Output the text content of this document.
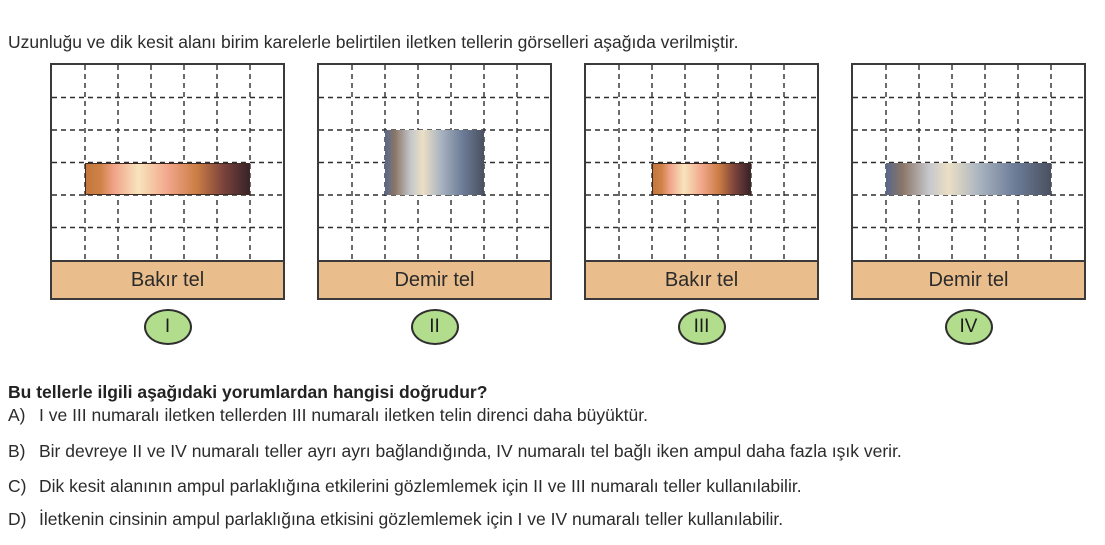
Uzunluğu ve dik kesit alanı birim karelerle belirtilen iletken tellerin görselleri aşağıda verilmiştir.

Bakır tel
I
Demir tel
II
Bakır tel
III
Demir tel
IV

Bu tellerle ilgili aşağıdaki yorumlardan hangisi doğrudur?

A) I ve III numaralı iletken tellerden III numaralı iletken telin direnci daha büyüktür.
B) Bir devreye II ve IV numaralı teller ayrı ayrı bağlandığında, IV numaralı tel bağlı iken ampul daha fazla ışık verir.
C) Dik kesit alanının ampul parlaklığına etkilerini gözlemlemek için II ve III numaralı teller kullanılabilir.
D) İletkenin cinsinin ampul parlaklığına etkisini gözlemlemek için I ve IV numaralı teller kullanılabilir.
